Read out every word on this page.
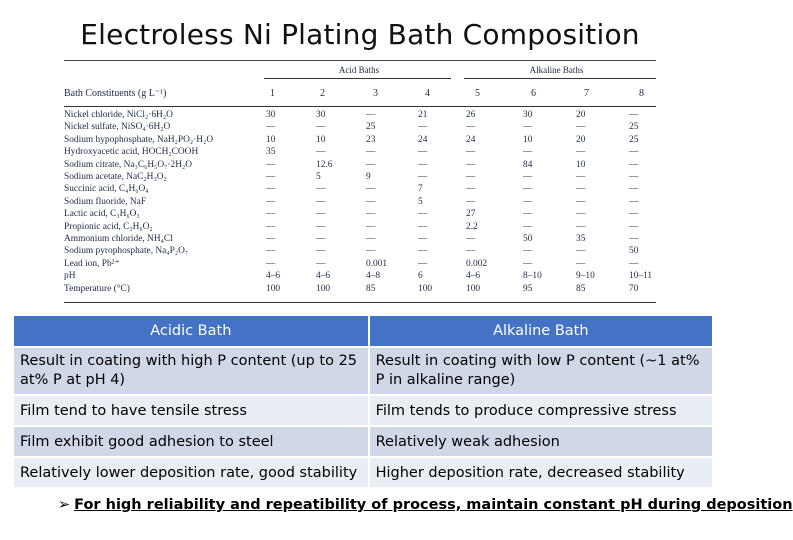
Electroless Ni Plating Bath Composition
Acid Baths	Alkaline Baths
Bath Constituents (g L⁻¹)	1	2	3	4	5	6	7	8
Nickel chloride, NiCl₂·6H₂O	30	30	—	21	26	30	20	—
Nickel sulfate, NiSO₄·6H₂O	—	—	25	—	—	—	—	25
Sodium hypophosphate, NaH₂PO₂·H₂O	10	10	23	24	24	10	20	25
Hydroxyacetic acid, HOCH₂COOH	35	—	—	—	—	—	—	—
Sodium citrate, Na₃C₆H₅O₇·2H₂O	—	12.6	—	—	—	84	10	—
Sodium acetate, NaC₂H₃O₂	—	5	9	—	—	—	—	—
Succinic acid, C₄H₆O₄	—	—	—	7	—	—	—	—
Sodium fluoride, NaF	—	—	—	5	—	—	—	—
Lactic acid, C₃H₆O₃	—	—	—	—	27	—	—	—
Propionic acid, C₃H₆O₂	—	—	—	—	2.2	—	—	—
Ammonium chloride, NH₄Cl	—	—	—	—	—	50	35	—
Sodium pyrophosphate, Na₄P₂O₇	—	—	—	—	—	—	—	50
Lead ion, Pb²⁺	—	—	0.001	—	0.002	—	—	—
pH	4–6	4–6	4–8	6	4–6	8–10	9–10	10–11
Temperature (°C)	100	100	85	100	100	95	85	70
Acidic Bath	Alkaline Bath
Result in coating with high P content (up to 25 at% P at pH 4)	Result in coating with low P content (~1 at% P in alkaline range)
Film tend to have tensile stress	Film tends to produce compressive stress
Film exhibit good adhesion to steel	Relatively weak adhesion
Relatively lower deposition rate, good stability	Higher deposition rate, decreased stability
➢ For high reliability and repeatibility of process, maintain constant pH during deposition
